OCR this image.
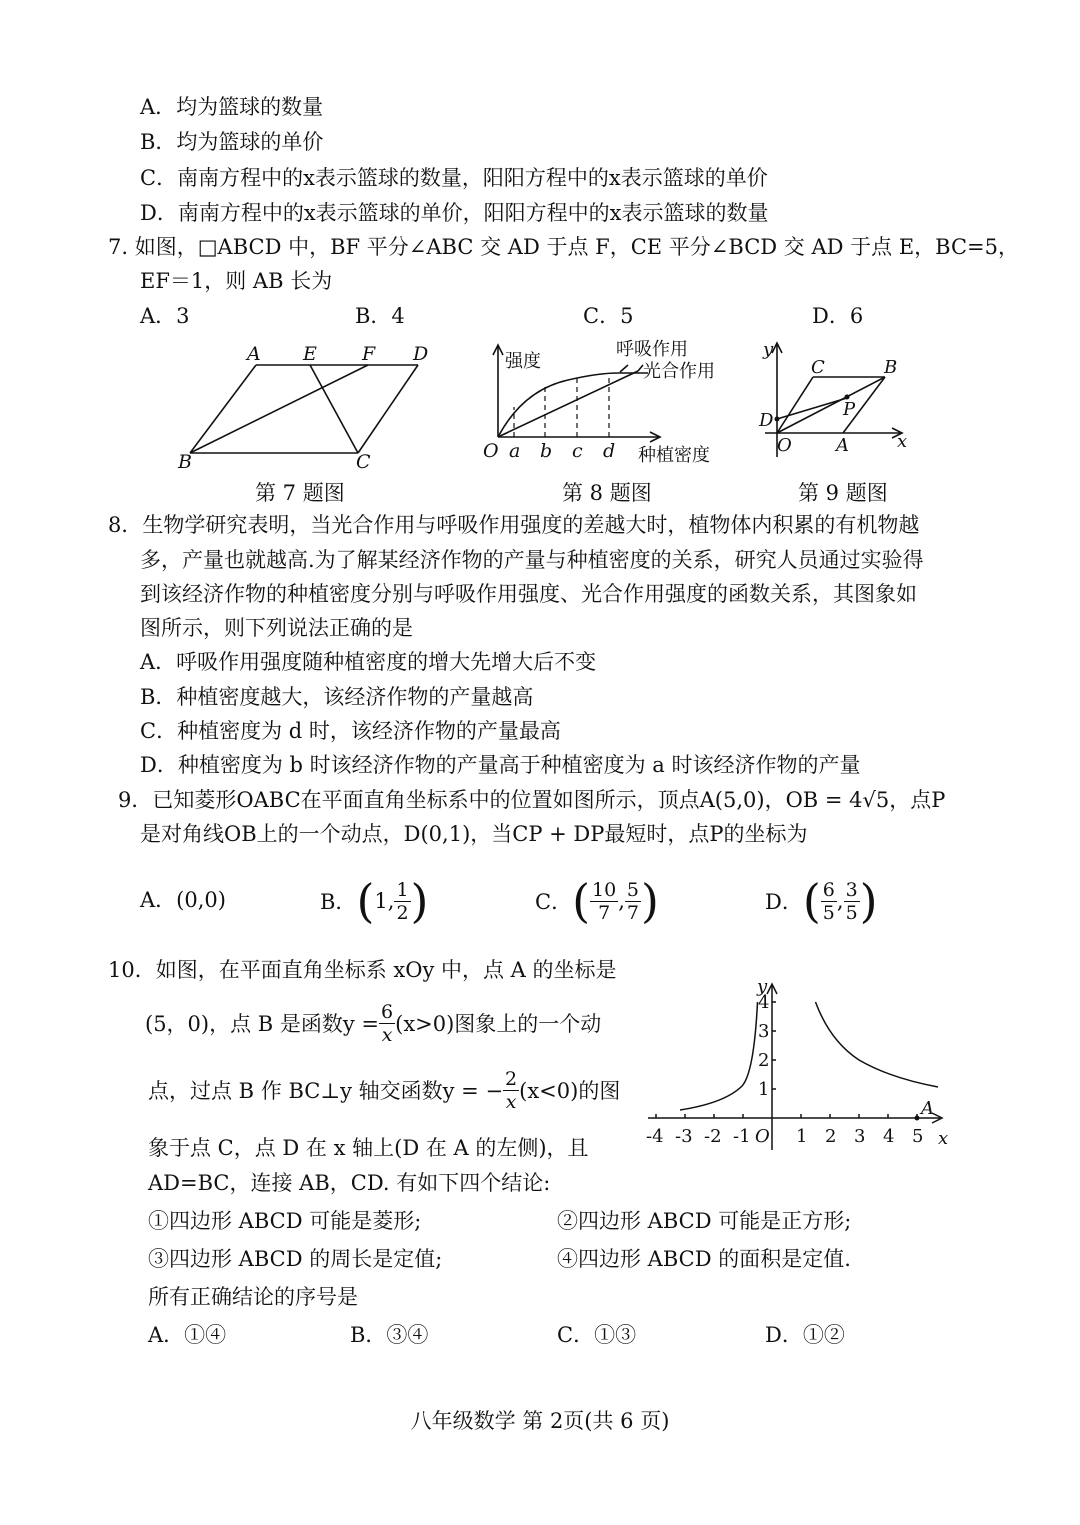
A．均为篮球的数量
B．均为篮球的单价
C．南南方程中的x表示篮球的数量，阳阳方程中的x表示篮球的单价
D．南南方程中的x表示篮球的单价，阳阳方程中的x表示篮球的数量
7. 如图，□ABCD 中，BF 平分∠ABC 交 AD 于点 F，CE 平分∠BCD 交 AD 于点 E，BC=5，
EF＝1，则 AB 长为
A．3	B．4	C．5	D．6
A E F D
B	C
第 7 题图
强度
呼吸作用
光合作用
种植密度
O a b c d
第 8 题图
y
x
C	B
P
D
O A
第 9 题图
8．生物学研究表明，当光合作用与呼吸作用强度的差越大时，植物体内积累的有机物越
多，产量也就越高.为了解某经济作物的产量与种植密度的关系，研究人员通过实验得
到该经济作物的种植密度分别与呼吸作用强度、光合作用强度的函数关系，其图象如
图所示，则下列说法正确的是
A．呼吸作用强度随种植密度的增大先增大后不变
B．种植密度越大，该经济作物的产量越高
C．种植密度为 d 时，该经济作物的产量最高
D．种植密度为 b 时该经济作物的产量高于种植密度为 a 时该经济作物的产量
9．已知菱形OABC在平面直角坐标系中的位置如图所示，顶点A(5,0)，OB = 4√5，点P
是对角线OB上的一个动点，D(0,1)，当CP + DP最短时，点P的坐标为
A．(0,0)	B． ( 1, $\frac{1}{2}$ )	C． ( $\frac{10}{7}$ , $\frac{5}{7}$ )	D． ( $\frac{6}{5}$ , $\frac{3}{5}$ )
10．如图，在平面直角坐标系 xOy 中，点 A 的坐标是
(5，0)，点 B 是函数$y = \frac{6}{x} (x>0)$图象上的一个动
点，过点 B 作 BC⊥y 轴交函数y = − $\frac{2}{x} (x<0)$的图
象于点 C，点 D 在 x 轴上(D 在 A 的左侧)，且
AD=BC，连接 AB，CD. 有如下四个结论:
①四边形 ABCD 可能是菱形;	②四边形 ABCD 可能是正方形;
③四边形 ABCD 的周长是定值;	④四边形 ABCD 的面积是定值.
所有正确结论的序号是
A．①④	B．③④	C．①③	D．①②
-4 -3 -2 -1 O 1 2 3 4 5
4
3
2
1
y
x
A
八年级数学 第 2页(共 6 页)
